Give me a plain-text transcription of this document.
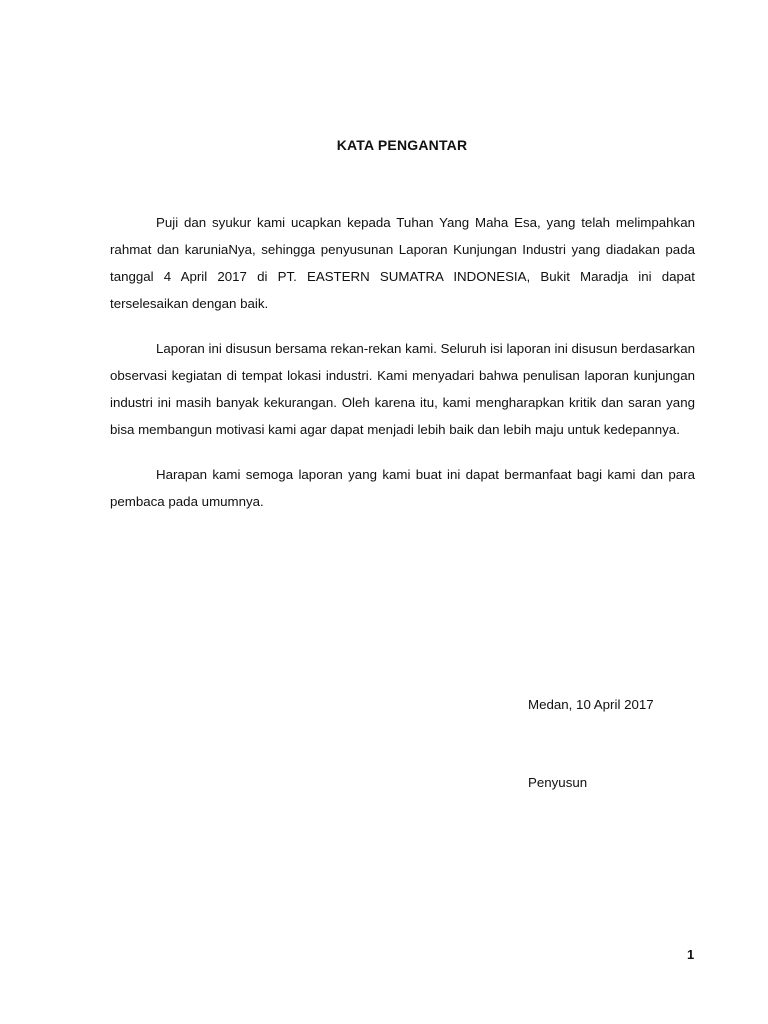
KATA PENGANTAR

Puji dan syukur kami ucapkan kepada Tuhan Yang Maha Esa, yang telah melimpahkan rahmat dan karuniaNya, sehingga penyusunan Laporan Kunjungan Industri yang diadakan pada tanggal 4 April 2017 di PT. EASTERN SUMATRA INDONESIA, Bukit Maradja ini dapat terselesaikan dengan baik.

Laporan ini disusun bersama rekan-rekan kami. Seluruh isi laporan ini disusun berdasarkan observasi kegiatan di tempat lokasi industri. Kami menyadari bahwa penulisan laporan kunjungan industri ini masih banyak kekurangan. Oleh karena itu, kami mengharapkan kritik dan saran yang bisa membangun motivasi kami agar dapat menjadi lebih baik dan lebih maju untuk kedepannya.

Harapan kami semoga laporan yang kami buat ini dapat bermanfaat bagi kami dan para pembaca pada umumnya.

Medan, 10 April 2017
Penyusun
1
